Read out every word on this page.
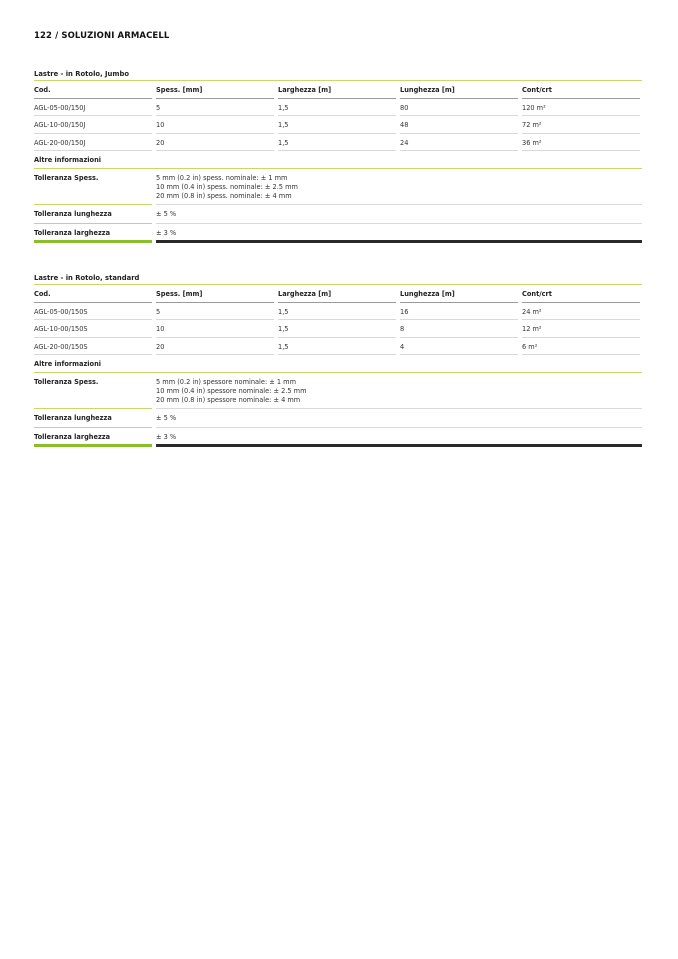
122 / SOLUZIONI ARMACELL
Lastre - in Rotolo, Jumbo
Cod.	Spess. [mm]	Larghezza [m]	Lunghezza [m]	Cont/crt
AGL-05-00/150J	5	1,5	80	120 m²
AGL-10-00/150J	10	1,5	48	72 m²
AGL-20-00/150J	20	1,5	24	36 m²
Altre informazioni
Tolleranza Spess.	5 mm (0.2 in) spess. nominale: ± 1 mm
10 mm (0.4 in) spess. nominale: ± 2.5 mm
20 mm (0.8 in) spess. nominale: ± 4 mm
Tolleranza lunghezza	± 5 %
Tolleranza larghezza	± 3 %
Lastre - in Rotolo, standard
Cod.	Spess. [mm]	Larghezza [m]	Lunghezza [m]	Cont/crt
AGL-05-00/150S	5	1,5	16	24 m²
AGL-10-00/150S	10	1,5	8	12 m²
AGL-20-00/150S	20	1,5	4	6 m²
Altre informazioni
Tolleranza Spess.	5 mm (0.2 in) spessore nominale: ± 1 mm
10 mm (0.4 in) spessore nominale: ± 2.5 mm
20 mm (0.8 in) spessore nominale: ± 4 mm
Tolleranza lunghezza	± 5 %
Tolleranza larghezza	± 3 %
